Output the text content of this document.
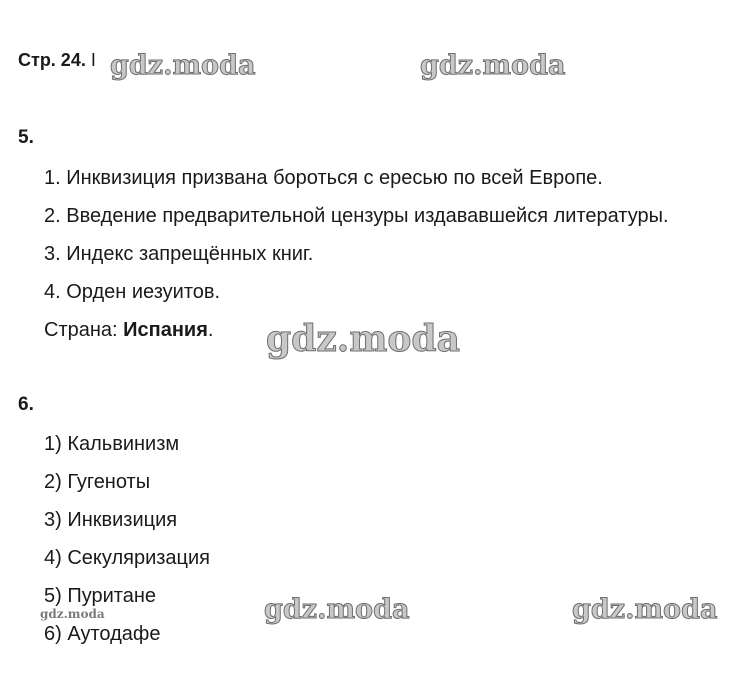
Стр. 24. I
5.
1. Инквизиция призвана бороться с ересью по всей Европе.
2. Введение предварительной цензуры издававшейся литературы.
3. Индекс запрещённых книг.
4. Орден иезуитов.
Страна: Испания.
6.
1) Кальвинизм
2) Гугеноты
3) Инквизиция
4) Секуляризация
5) Пуритане
6) Аутодафе
gdz.moda	gdz.moda
gdz.moda
gdz.moda	gdz.moda
gdz.moda
